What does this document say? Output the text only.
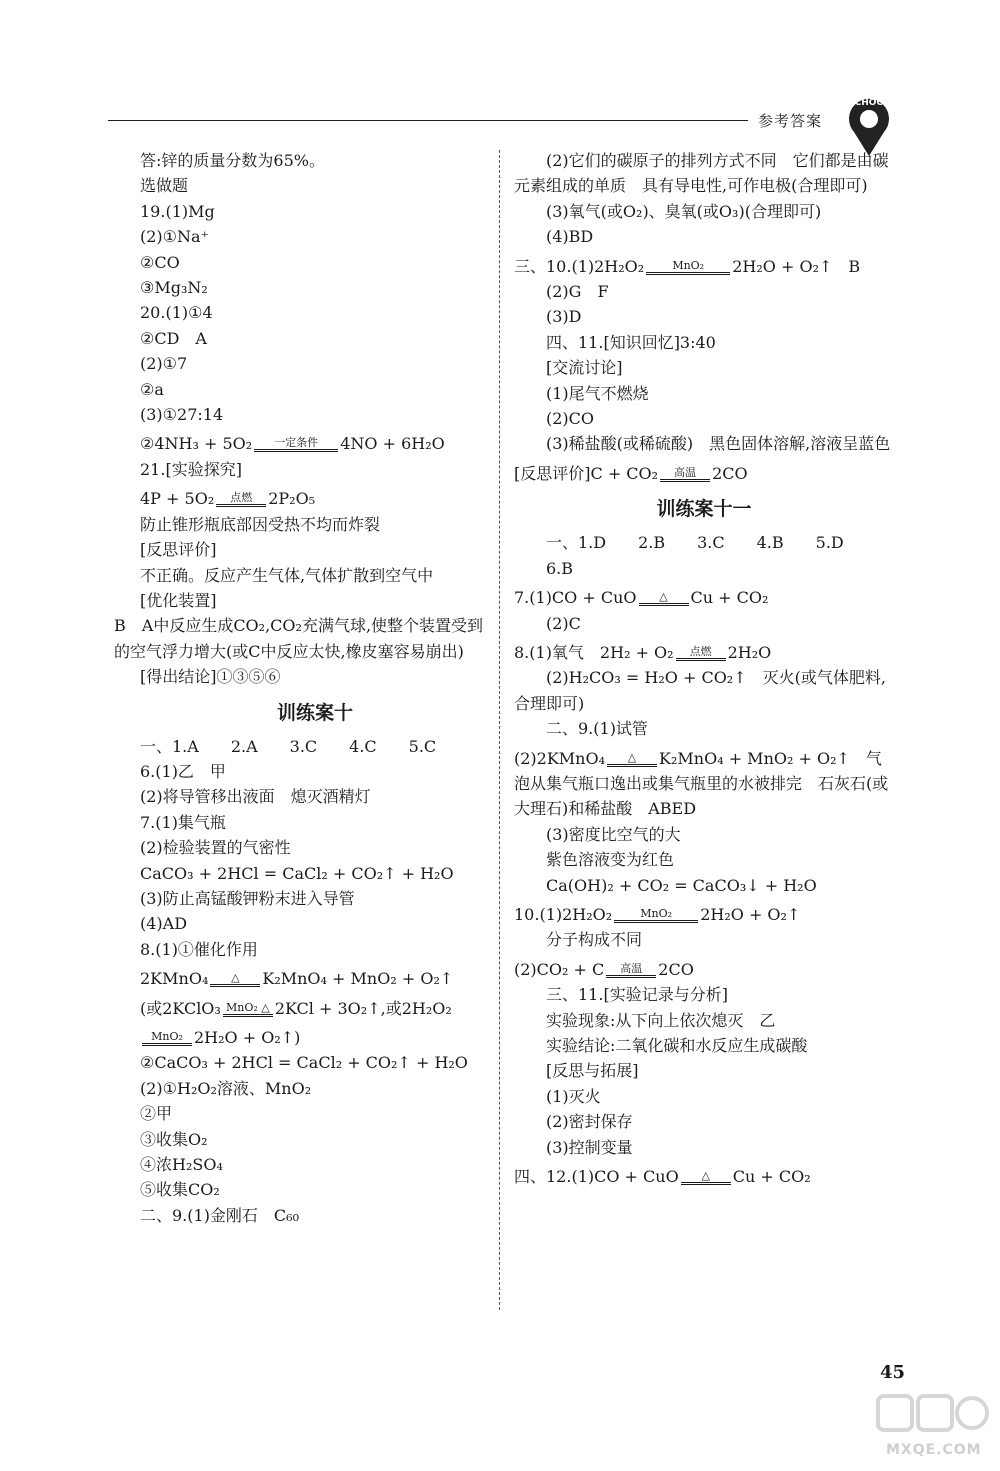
参考答案
SCHOOL
答:锌的质量分数为65%。
选做题
19.(1)Mg
(2)①Na⁺
②CO
③Mg₃N₂
20.(1)①4
②CD　A
(2)①7
②a
(3)①27:14
②4NH₃ + 5O₂ 一定条件 4NO + 6H₂O
21.[实验探究]
4P + 5O₂ 点燃 2P₂O₅
防止锥形瓶底部因受热不均而炸裂
[反思评价]
不正确。反应产生气体,气体扩散到空气中
[优化装置]
B　A中反应生成CO₂,CO₂充满气球,使整个装置受到的空气浮力增大(或C中反应太快,橡皮塞容易崩出)
[得出结论]①③⑤⑥
训练案十
一、1.A　　2.A　　3.C　　4.C　　5.C
6.(1)乙　甲
(2)将导管移出液面　熄灭酒精灯
7.(1)集气瓶
(2)检验装置的气密性
CaCO₃ + 2HCl = CaCl₂ + CO₂↑ + H₂O
(3)防止高锰酸钾粉末进入导管
(4)AD
8.(1)①催化作用
2KMnO₄ △ K₂MnO₄ + MnO₂ + O₂↑
(或2KClO₃ MnO₂ △ 2KCl + 3O₂↑,或2H₂O₂
MnO₂ 2H₂O + O₂↑)
②CaCO₃ + 2HCl = CaCl₂ + CO₂↑ + H₂O
(2)①H₂O₂溶液、MnO₂
②甲
③收集O₂
④浓H₂SO₄
⑤收集CO₂
二、9.(1)金刚石　C₆₀
(2)它们的碳原子的排列方式不同　它们都是由碳元素组成的单质　具有导电性,可作电极(合理即可)
(3)氧气(或O₂)、臭氧(或O₃)(合理即可)
(4)BD
三、10.(1)2H₂O₂	MnO₂ 2H₂O + O₂↑　B
(2)G　F
(3)D
四、11.[知识回忆]3:40
[交流讨论]
(1)尾气不燃烧
(2)CO
(3)稀盐酸(或稀硫酸)　黑色固体溶解,溶液呈蓝色
[反思评价]C + CO₂ 高温 2CO
训练案十一
一、1.D　　2.B　　3.C　　4.B　　5.D
6.B
7.(1)CO + CuO △ Cu + CO₂
(2)C
8.(1)氧气　2H₂ + O₂ 点燃 2H₂O
(2)H₂CO₃ = H₂O + CO₂↑　灭火(或气体肥料,合理即可)
二、9.(1)试管
(2)2KMnO₄ △ K₂MnO₄ + MnO₂ + O₂↑　气
泡从集气瓶口逸出或集气瓶里的水被排完　石灰石(或大理石)和稀盐酸　ABED
(3)密度比空气的大
紫色溶液变为红色
Ca(OH)₂ + CO₂ = CaCO₃↓ + H₂O
10.(1)2H₂O₂	MnO₂ 2H₂O + O₂↑
分子构成不同
(2)CO₂ + C 高温 2CO
三、11.[实验记录与分析]
实验现象:从下向上依次熄灭　乙
实验结论:二氧化碳和水反应生成碳酸
[反思与拓展]
(1)灭火
(2)密封保存
(3)控制变量
四、12.(1)CO + CuO △ Cu + CO₂
45
MXQE.COM
